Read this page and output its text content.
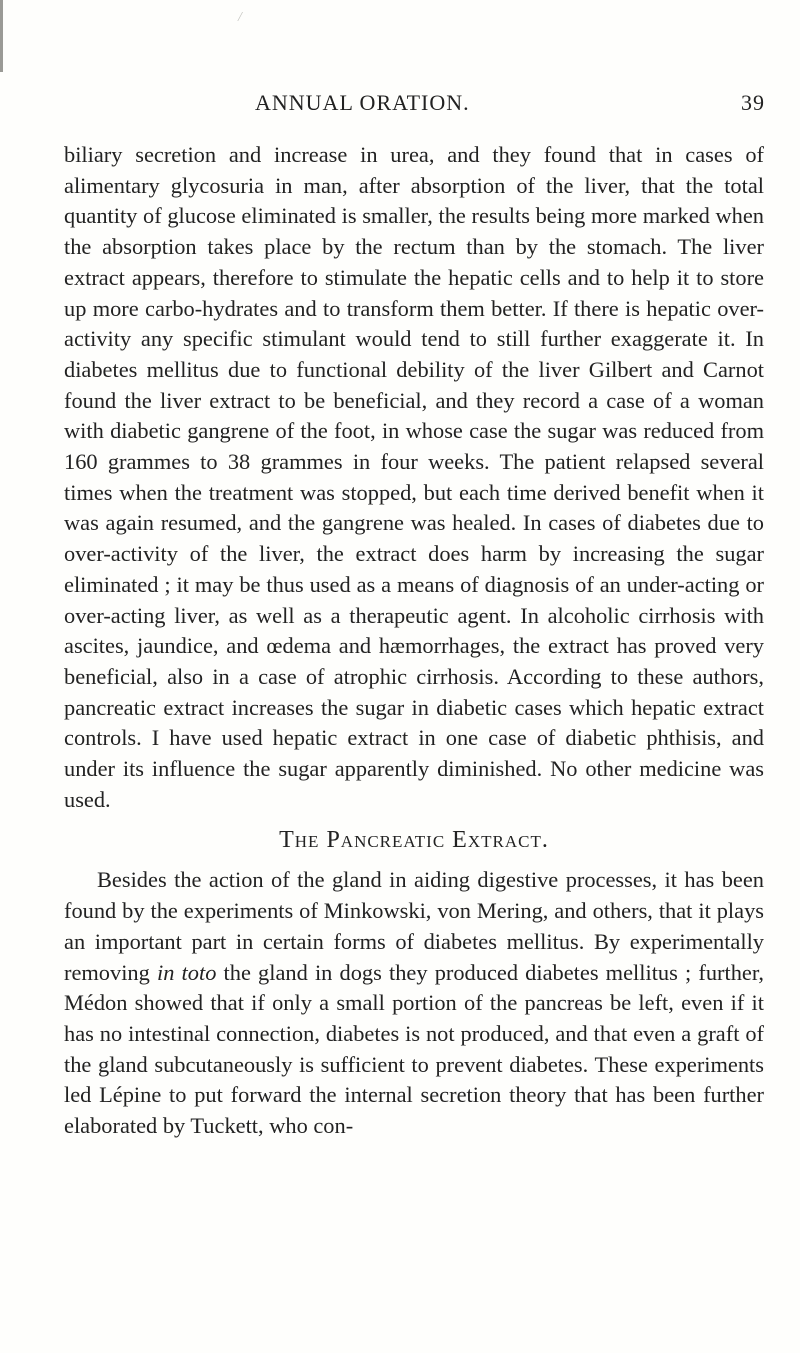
/
ANNUAL ORATION.	39

biliary secretion and increase in urea, and they found that in cases of alimentary glycosuria in man, after absorption of the liver, that the total quantity of glucose eliminated is smaller, the results being more marked when the absorption takes place by the rectum than by the stomach. The liver extract appears, therefore to stimulate the hepatic cells and to help it to store up more carbo-hydrates and to transform them better. If there is hepatic over-activity any specific stimulant would tend to still further exaggerate it. In diabetes mellitus due to functional debility of the liver Gilbert and Carnot found the liver extract to be beneficial, and they record a case of a woman with diabetic gangrene of the foot, in whose case the sugar was reduced from 160 grammes to 38 grammes in four weeks. The patient relapsed several times when the treatment was stopped, but each time derived benefit when it was again resumed, and the gangrene was healed. In cases of diabetes due to over-activity of the liver, the extract does harm by increasing the sugar eliminated ; it may be thus used as a means of diagnosis of an under-acting or over-acting liver, as well as a therapeutic agent. In alcoholic cirrhosis with ascites, jaundice, and œdema and hæmorrhages, the extract has proved very beneficial, also in a case of atrophic cirrhosis. According to these authors, pancreatic extract increases the sugar in diabetic cases which hepatic extract controls. I have used hepatic extract in one case of diabetic phthisis, and under its influence the sugar apparently diminished. No other medicine was used.

The Pancreatic Extract.

Besides the action of the gland in aiding digestive processes, it has been found by the experiments of Minkowski, von Mering, and others, that it plays an important part in certain forms of diabetes mellitus. By experimentally removing in toto the gland in dogs they produced diabetes mellitus ; further, Médon showed that if only a small portion of the pancreas be left, even if it has no intestinal connection, diabetes is not produced, and that even a graft of the gland subcutaneously is sufficient to prevent diabetes. These experiments led Lépine to put forward the internal secretion theory that has been further elaborated by Tuckett, who con-
